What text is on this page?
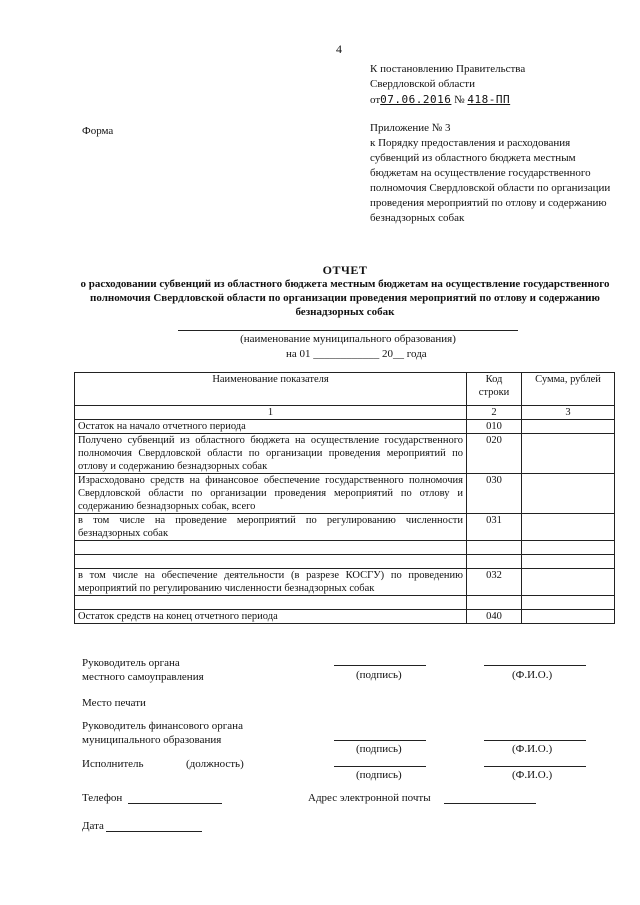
4
К постановлению Правительства
Свердловской области
от07.06.2016 № 418-ПП
Форма	Приложение № 3
к Порядку предоставления и расходования субвенций из областного бюджета местным бюджетам на осуществление государственного полномочия Свердловской области по организации проведения мероприятий по отлову и содержанию безнадзорных собак
ОТЧЕТ
о расходовании субвенций из областного бюджета местным бюджетам на осуществление государственного полномочия Свердловской области по организации проведения мероприятий по отлову и содержанию безнадзорных собак
(наименование муниципального образования)
на 01 ____________ 20__ года
Наименование показателя	Код строки	Сумма, рублей
1	2	3
Остаток на начало отчетного периода	010	
Получено субвенций из областного бюджета на осуществление государственного полномочия Свердловской области по организации проведения мероприятий по отлову и содержанию безнадзорных собак	020	
Израсходовано средств на финансовое обеспечение государственного полномочия Свердловской области по организации проведения мероприятий по отлову и содержанию безнадзорных собак, всего	030	
в том числе на проведение мероприятий по регулированию численности безнадзорных собак	031	

в том числе на обеспечение деятельности (в разрезе КОСГУ) по проведению мероприятий по регулированию численности безнадзорных собак	032	

Остаток средств на конец отчетного периода	040	
Руководитель органа
местного самоуправления	(подпись)	(Ф.И.О.)
Место печати
Руководитель финансового органа
муниципального образования
(подпись)	(Ф.И.О.)
Исполнитель	(должность)
(подпись)	(Ф.И.О.)
Телефон	Адрес электронной почты
Дата
